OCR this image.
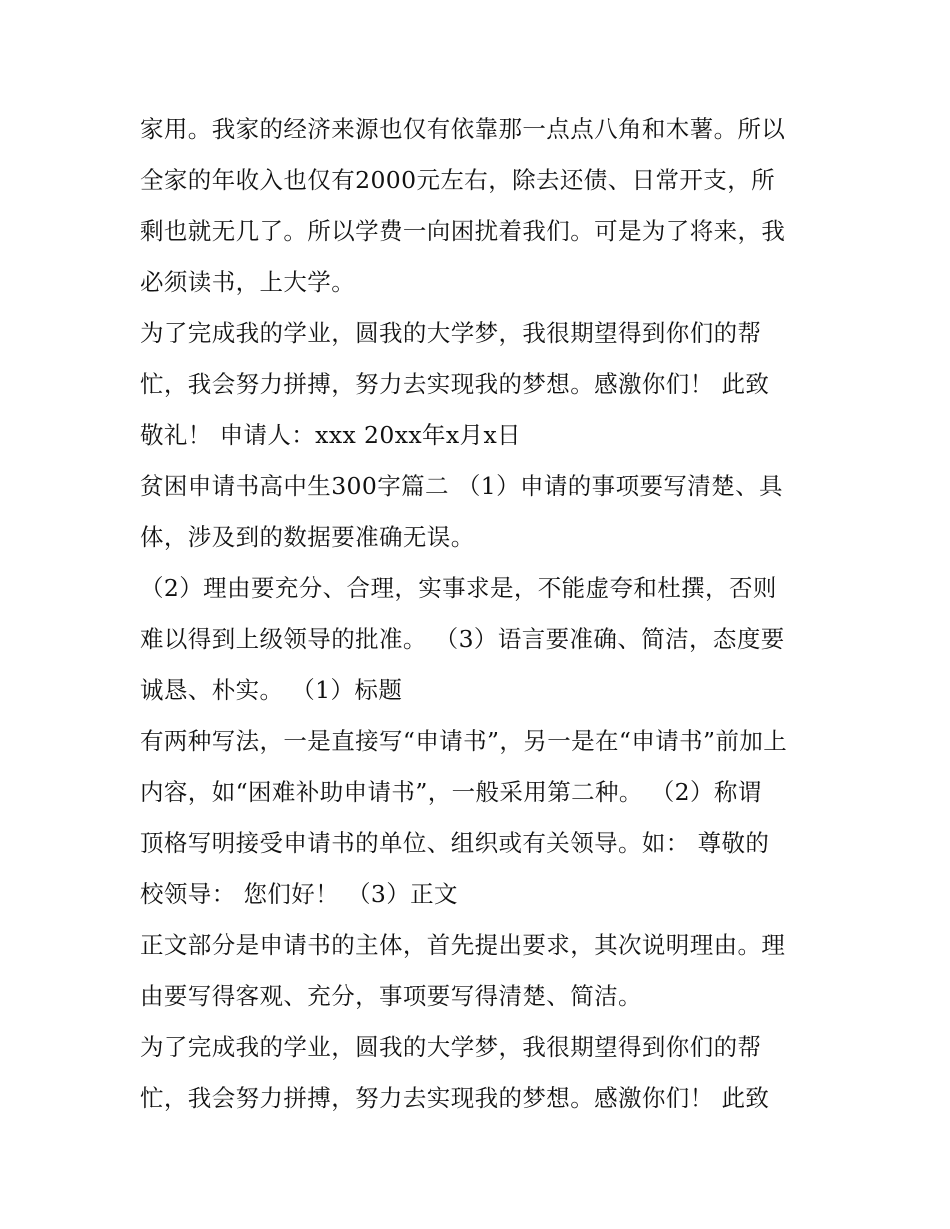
家用。我家的经济来源也仅有依靠那一点点八角和木薯。所以
全家的年收入也仅有2000元左右，除去还债、日常开支，所
剩也就无几了。所以学费一向困扰着我们。可是为了将来，我
必须读书，上大学。
为了完成我的学业，圆我的大学梦，我很期望得到你们的帮
忙，我会努力拼搏，努力去实现我的梦想。感激你们！ 此致
敬礼！ 申请人：xxx 20xx年x月x日
贫困申请书高中生300字篇二 （1）申请的事项要写清楚、具
体，涉及到的数据要准确无误。
（2）理由要充分、合理，实事求是，不能虚夸和杜撰，否则
难以得到上级领导的批准。 （3）语言要准确、简洁，态度要
诚恳、朴实。 （1）标题
有两种写法，一是直接写“申请书”，另一是在“申请书”前加上
内容，如“困难补助申请书”，一般采用第二种。 （2）称谓
顶格写明接受申请书的单位、组织或有关领导。如： 尊敬的
校领导： 您们好！ （3）正文
正文部分是申请书的主体，首先提出要求，其次说明理由。理
由要写得客观、充分，事项要写得清楚、简洁。
为了完成我的学业，圆我的大学梦，我很期望得到你们的帮
忙，我会努力拼搏，努力去实现我的梦想。感激你们！ 此致
